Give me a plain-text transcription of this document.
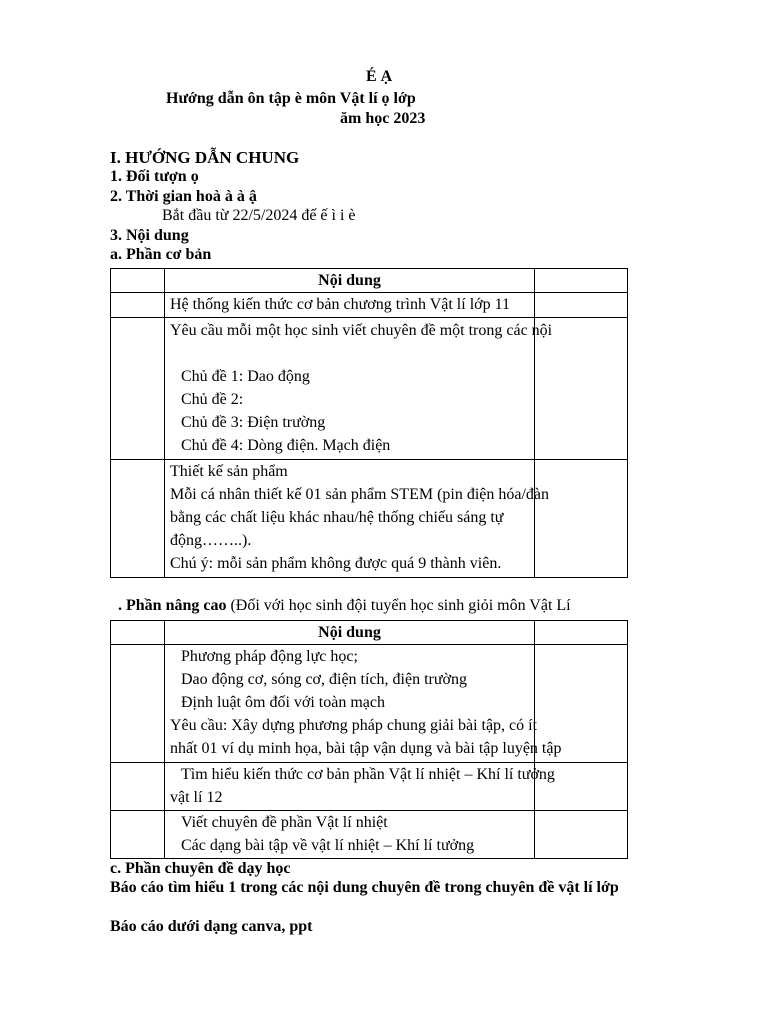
É Ạ
Hướng dẫn ôn tập è môn Vật lí ọ lớp
ăm học 2023
I. HƯỚNG DẪN CHUNG
1. Đối tượn ọ
2. Thời gian hoà à à ậ
Bắt đầu từ 22/5/2024 đế ế ì i è
3. Nội dung
a. Phần cơ bản
	Nội dung	

	Hệ thống kiến thức cơ bản chương trình Vật lí lớp 11	

	Yêu cầu mỗi một học sinh viết chuyên đề một trong các nội

Chủ đề 1: Dao động
Chủ đề 2:
Chủ đề 3: Điện trường
Chủ đề 4: Dòng điện. Mạch điện	

	Thiết kế sản phẩm
Mỗi cá nhân thiết kế 01 sản phẩm STEM (pin điện hóa/đàn
bằng các chất liệu khác nhau/hệ thống chiếu sáng tự
động……..).
Chú ý: mỗi sản phẩm không được quá 9 thành viên.	

. Phần nâng cao (Đối với học sinh đội tuyển học sinh giỏi môn Vật Lí
	Nội dung	

	Phương pháp động lực học;
Dao động cơ, sóng cơ, điện tích, điện trường
Định luật ôm đối với toàn mạch
Yêu cầu: Xây dựng phương pháp chung giải bài tập, có ít
nhất 01 ví dụ minh họa, bài tập vận dụng và bài tập luyện tập	

	Tìm hiểu kiến thức cơ bản phần Vật lí nhiệt – Khí lí tưởng
vật lí 12	

	Viết chuyên đề phần Vật lí nhiệt
Các dạng bài tập về vật lí nhiệt – Khí lí tưởng	

c. Phần chuyên đề dạy học
Báo cáo tìm hiểu 1 trong các nội dung chuyên đề trong chuyên đề vật lí lớp
Báo cáo dưới dạng canva, ppt
